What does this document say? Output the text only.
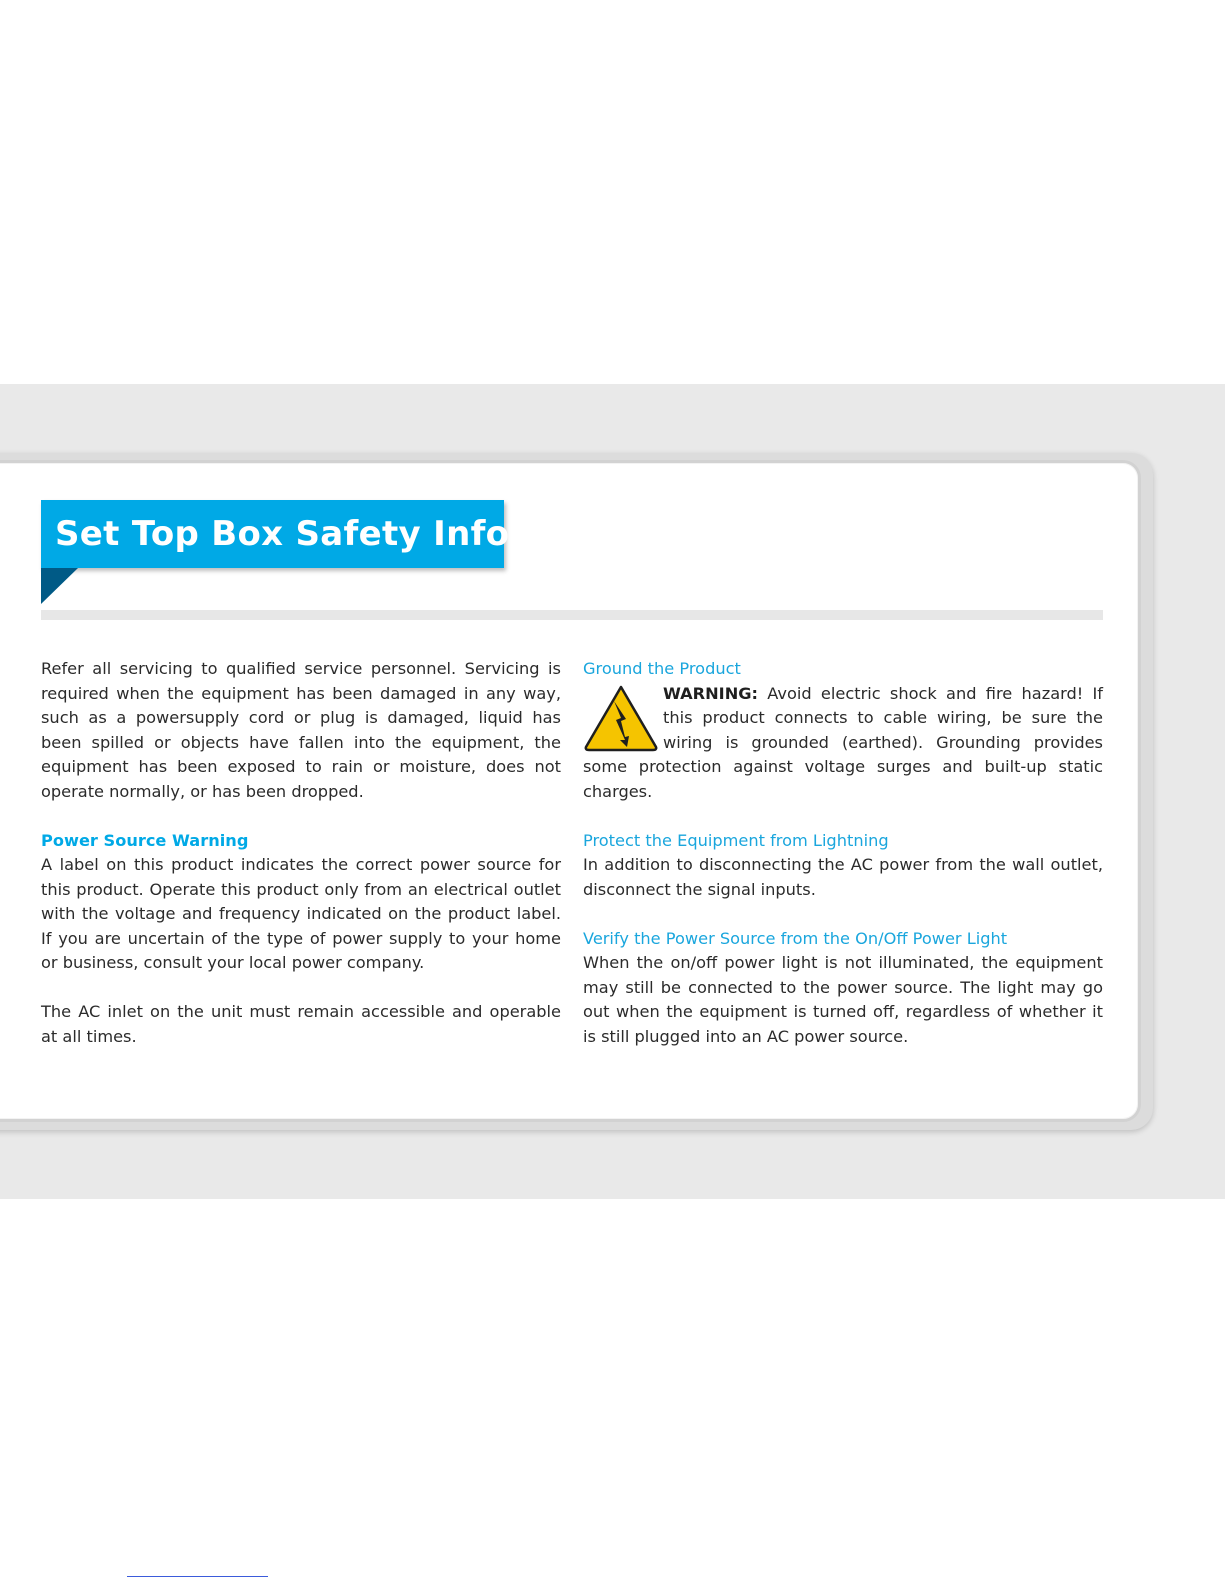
Set Top Box Safety Info.

Refer all servicing to qualified service personnel. Servicing is required when the equipment has been damaged in any way, such as a powersupply cord or plug is damaged, liquid has been spilled or objects have fallen into the equipment, the equipment has been exposed to rain or moisture, does not operate normally, or has been dropped.

Power Source Warning

A label on this product indicates the correct power source for this product. Operate this product only from an electrical outlet with the voltage and frequency indicated on the product label. If you are uncertain of the type of power supply to your home or business, consult your local power company.

The AC inlet on the unit must remain accessible and operable at all times.

Ground the Product

WARNING: Avoid electric shock and fire hazard! If this product connects to cable wiring, be sure the wiring is grounded (earthed). Grounding provides some protection against voltage surges and built-up static charges.

Protect the Equipment from Lightning

In addition to disconnecting the AC power from the wall outlet, disconnect the signal inputs.

Verify the Power Source from the On/Off Power Light

When the on/off power light is not illuminated, the equipment may still be connected to the power source. The light may go out when the equipment is turned off, regardless of whether it is still plugged into an AC power source.
